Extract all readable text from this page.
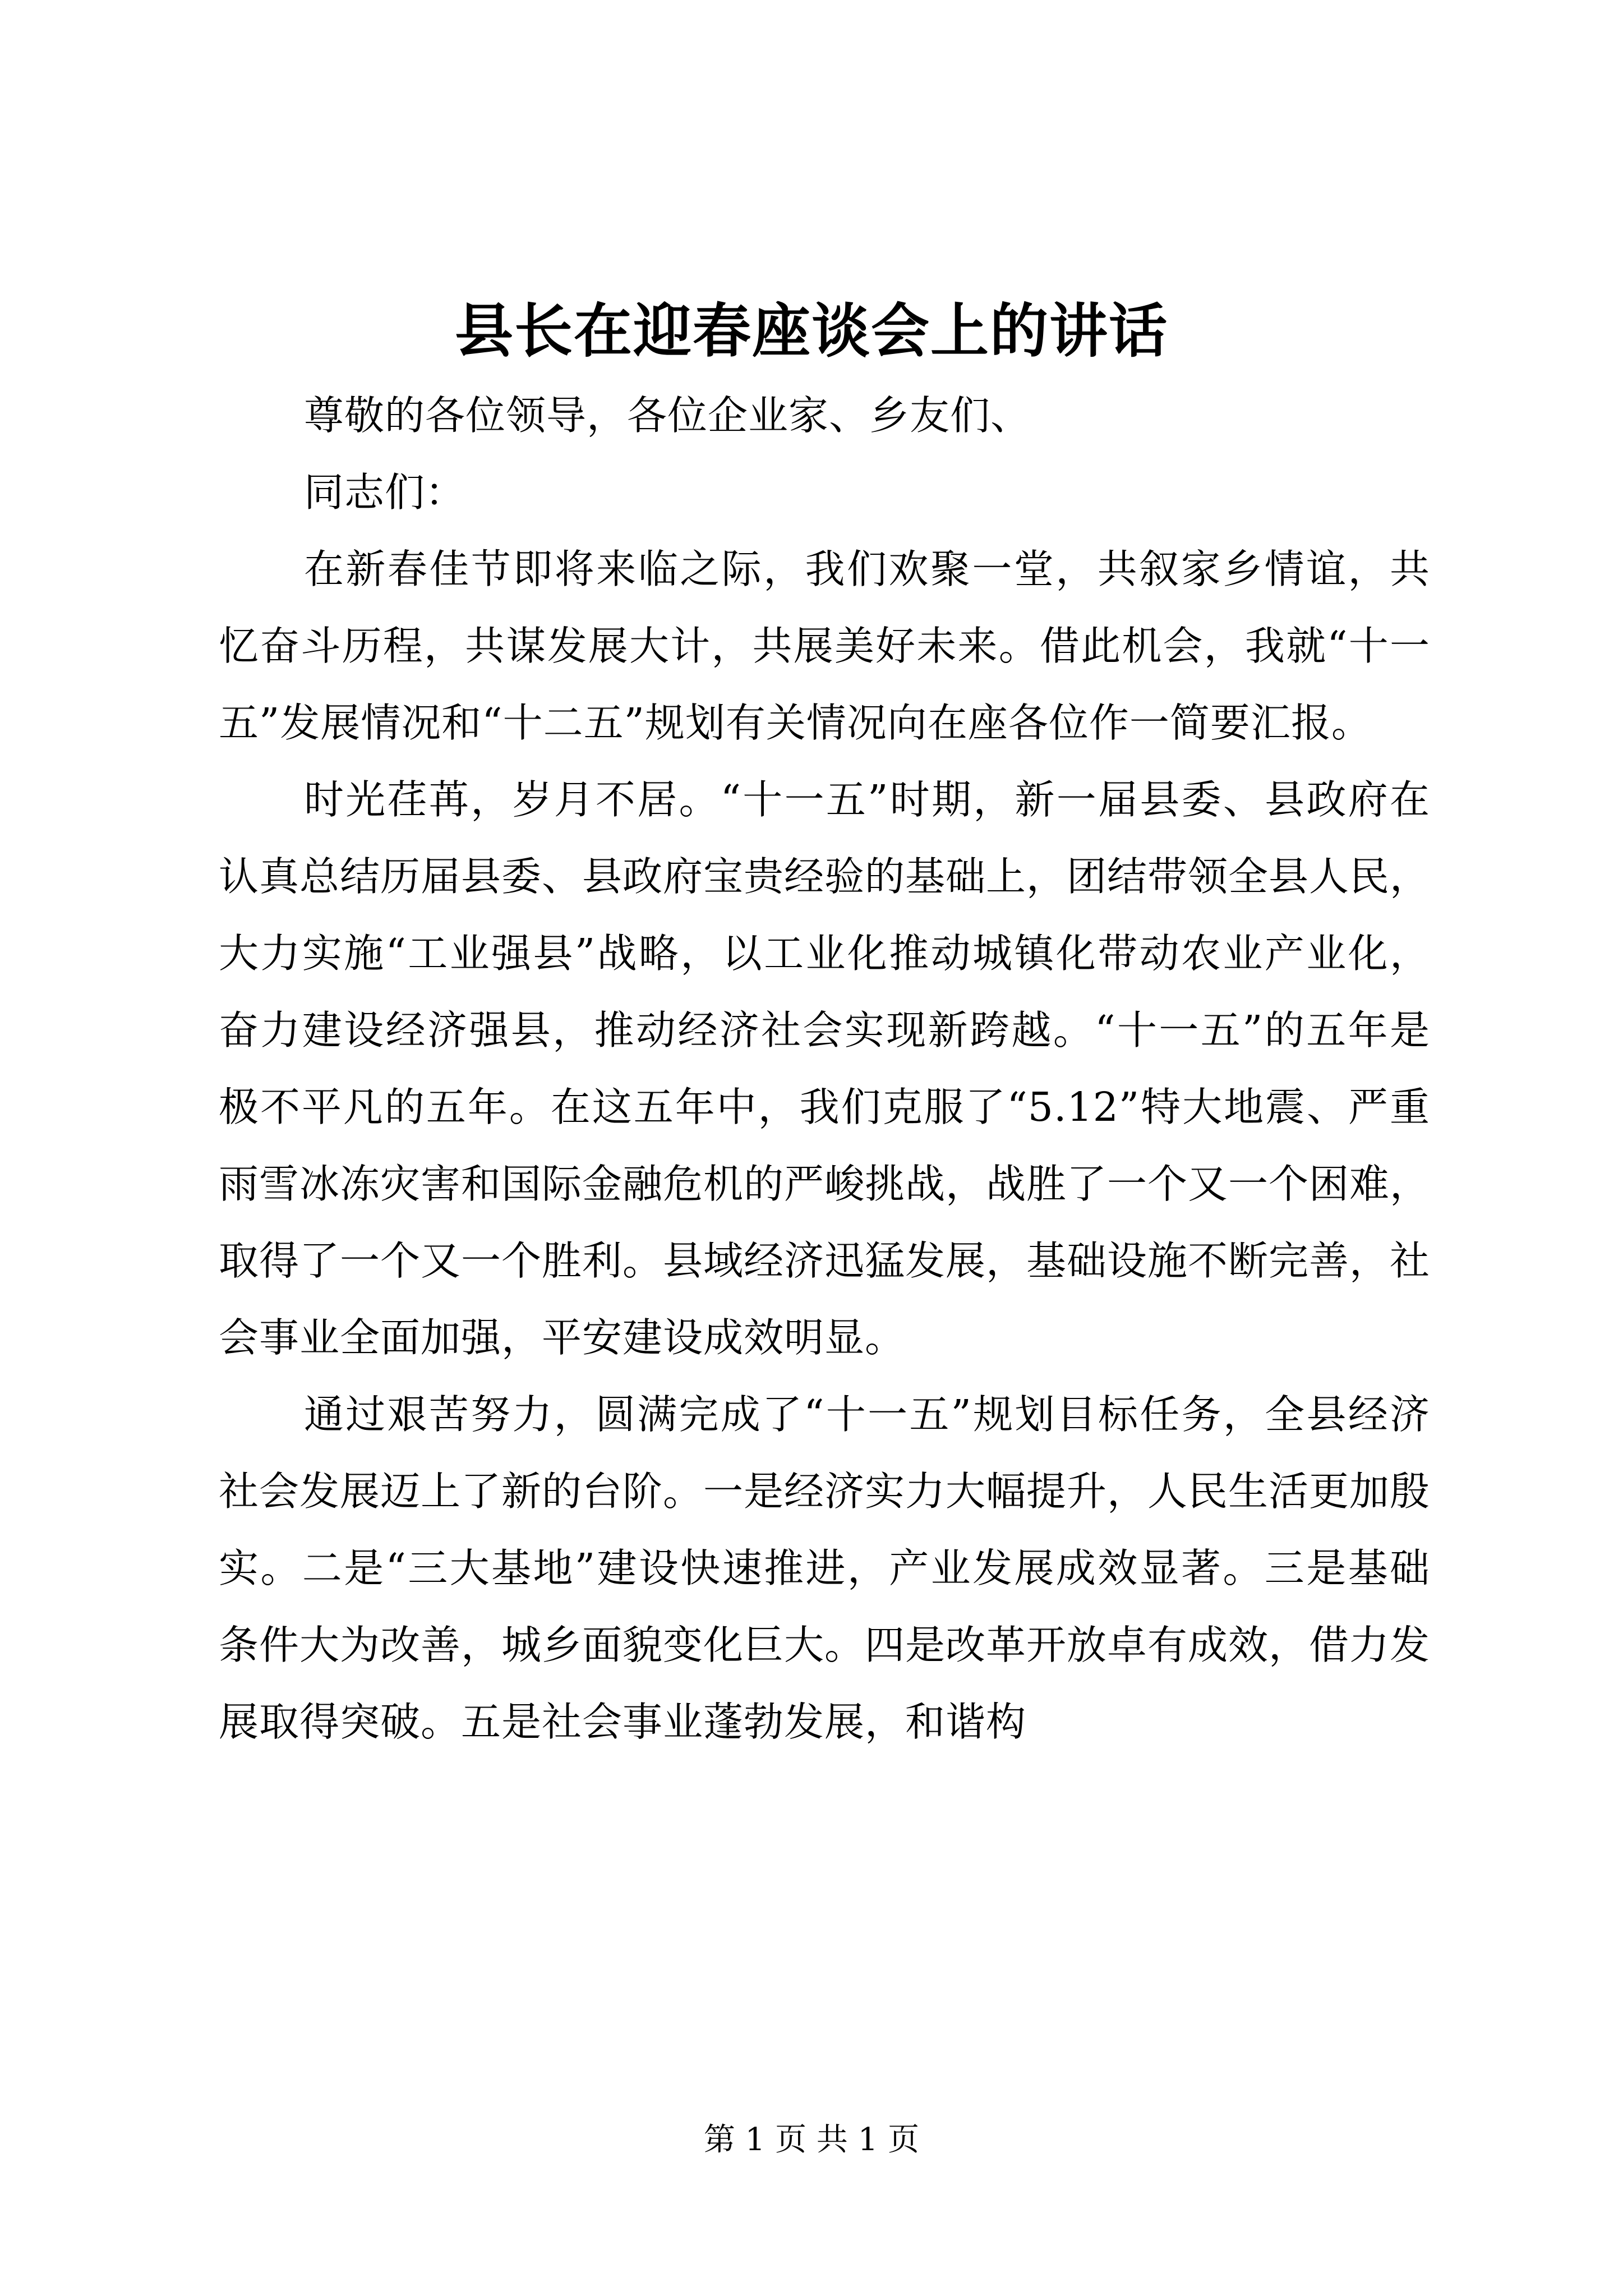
县长在迎春座谈会上的讲话

尊敬的各位领导，各位企业家、乡友们、

同志们：

在新春佳节即将来临之际，我们欢聚一堂，共叙家乡情谊，共忆奋斗历程，共谋发展大计，共展美好未来。借此机会，我就“十一五”发展情况和“十二五”规划有关情况向在座各位作一简要汇报。

时光荏苒，岁月不居。“十一五”时期，新一届县委、县政府在认真总结历届县委、县政府宝贵经验的基础上，团结带领全县人民，大力实施“工业强县”战略，以工业化推动城镇化带动农业产业化，奋力建设经济强县，推动经济社会实现新跨越。“十一五”的五年是极不平凡的五年。在这五年中，我们克服了“5.12”特大地震、严重雨雪冰冻灾害和国际金融危机的严峻挑战，战胜了一个又一个困难，取得了一个又一个胜利。县域经济迅猛发展，基础设施不断完善，社会事业全面加强，平安建设成效明显。

通过艰苦努力，圆满完成了“十一五”规划目标任务，全县经济社会发展迈上了新的台阶。一是经济实力大幅提升，人民生活更加殷实。二是“三大基地”建设快速推进，产业发展成效显著。三是基础条件大为改善，城乡面貌变化巨大。四是改革开放卓有成效，借力发展取得突破。五是社会事业蓬勃发展，和谐构

第 1 页 共 1 页
